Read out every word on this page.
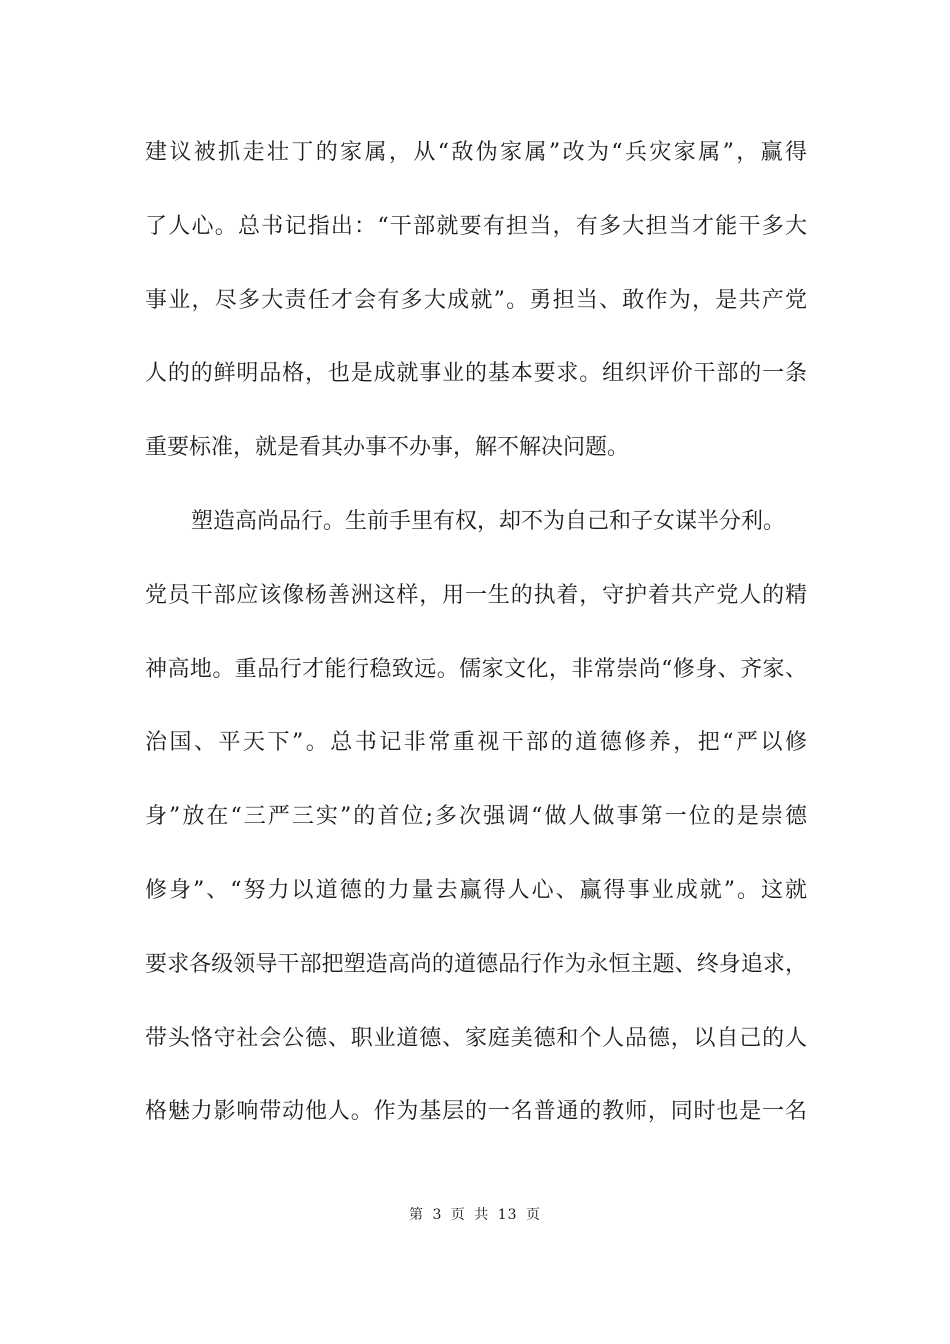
建议被抓走壮丁的家属，从“敌伪家属”改为“兵灾家属”，赢得
了人心。总书记指出：“干部就要有担当，有多大担当才能干多大
事业，尽多大责任才会有多大成就”。勇担当、敢作为，是共产党
人的的鲜明品格，也是成就事业的基本要求。组织评价干部的一条
重要标准，就是看其办事不办事，解不解决问题。
塑造高尚品行。生前手里有权，却不为自己和子女谋半分利。
党员干部应该像杨善洲这样，用一生的执着，守护着共产党人的精
神高地。重品行才能行稳致远。儒家文化，非常崇尚“修身、齐家、
治国、平天下”。总书记非常重视干部的道德修养，把“严以修
身”放在“三严三实”的首位;多次强调“做人做事第一位的是崇德
修身”、“努力以道德的力量去赢得人心、赢得事业成就”。这就
要求各级领导干部把塑造高尚的道德品行作为永恒主题、终身追求，
带头恪守社会公德、职业道德、家庭美德和个人品德，以自己的人
格魅力影响带动他人。作为基层的一名普通的教师，同时也是一名
第 3 页 共 13 页
